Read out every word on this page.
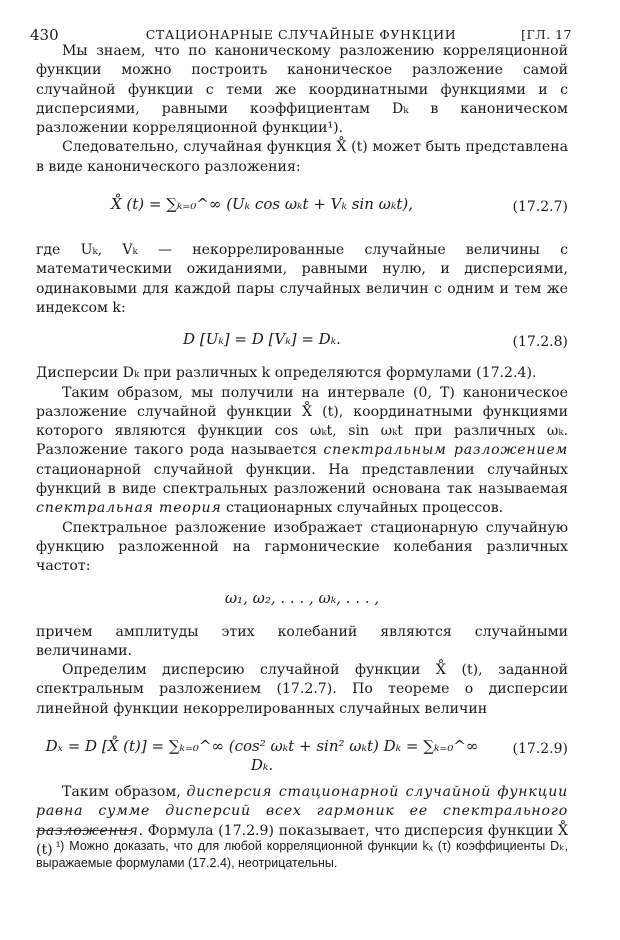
430	СТАЦИОНАРНЫЕ СЛУЧАЙНЫЕ ФУНКЦИИ	[ГЛ. 17

Мы знаем, что по каноническому разложению корреляционной функции можно построить каноническое разложение самой случайной функции с теми же координатными функциями и с дисперсиями, равными коэффициентам Dₖ в каноническом разложении корреляционной функции¹).

Следовательно, случайная функция X̊ (t) может быть представлена в виде канонического разложения:

X̊ (t) = ∑ₖ₌₀^∞ (Uₖ cos ωₖt + Vₖ sin ωₖt),	(17.2.7)

где Uₖ, Vₖ — некоррелированные случайные величины с математическими ожиданиями, равными нулю, и дисперсиями, одинаковыми для каждой пары случайных величин с одним и тем же индексом k:

D [Uₖ] = D [Vₖ] = Dₖ.	(17.2.8)

Дисперсии Dₖ при различных k определяются формулами (17.2.4).

Таким образом, мы получили на интервале (0, T) каноническое разложение случайной функции X̊ (t), координатными функциями которого являются функции cos ωₖt, sin ωₖt при различных ωₖ. Разложение такого рода называется спектральным разложением стационарной случайной функции. На представлении случайных функций в виде спектральных разложений основана так называемая спектральная теория стационарных случайных процессов.

Спектральное разложение изображает стационарную случайную функцию разложенной на гармонические колебания различных частот:

ω₁, ω₂, . . . , ωₖ, . . . ,

причем амплитуды этих колебаний являются случайными величинами.

Определим дисперсию случайной функции X̊ (t), заданной спектральным разложением (17.2.7). По теореме о дисперсии линейной функции некоррелированных случайных величин

Dₓ = D [X̊ (t)] = ∑ₖ₌₀^∞ (cos² ωₖt + sin² ωₖt) Dₖ = ∑ₖ₌₀^∞ Dₖ.
(17.2.9)

Таким образом, дисперсия стационарной случайной функции равна сумме дисперсий всех гармоник ее спектрального разложения. Формула (17.2.9) показывает, что дисперсия функции X̊ (t) ¹) Можно доказать, что для любой корреляционной функции kₓ (τ) коэффициенты Dₖ, выражаемые формулами (17.2.4), неотрицательны.
